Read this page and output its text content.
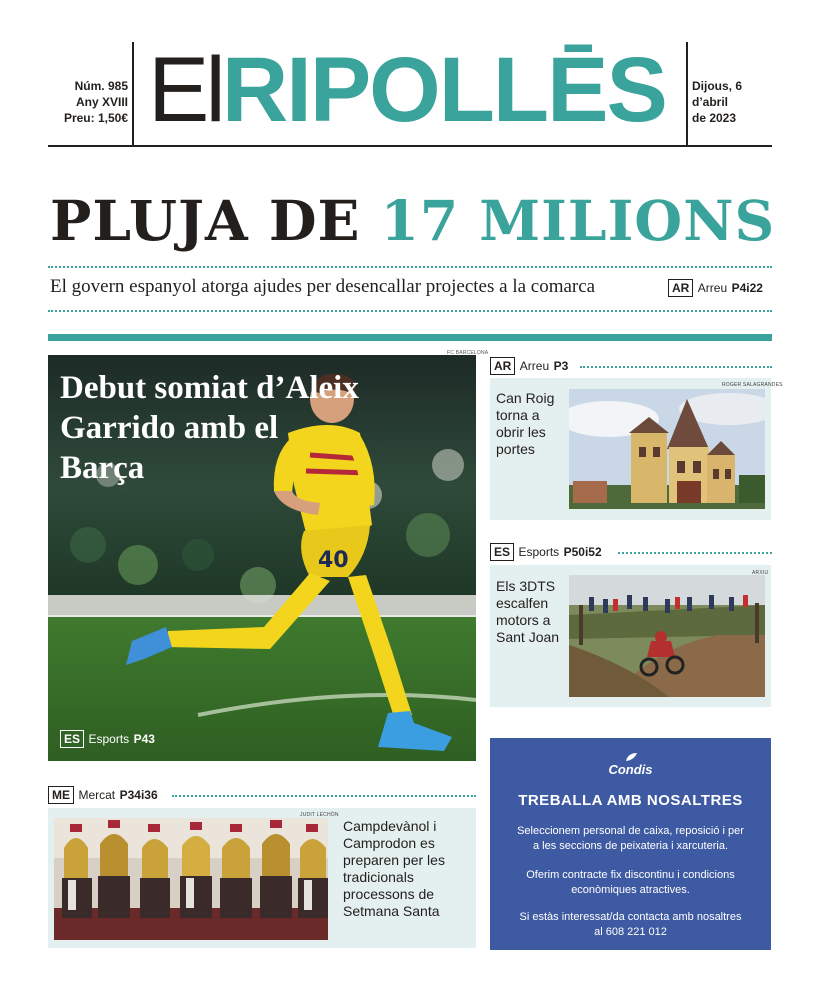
Núm. 985
Any XVIII
Preu: 1,50€ ElRIPOLLĒS	Dijous, 6
d’abril
de 2023
PLUJA DE 17 MILIONS
El govern espanyol atorga ajudes per desencallar projectes a la comarca	AR Arreu P4i22
40
FC BARCELONA
Debut somiat d’Aleix Garrido amb el Barça
ES Esports P43
AR Arreu P3
Can Roig torna a obrir les portes
ROGER SALAGRANDES
ES Esports P50i52
Els 3DTS escalfen motors a Sant Joan
ARXIU
ME Mercat P34i36
JUDIT LECHÓN
Campdevànol i Camprodon es preparen per les tradicionals processons de Setmana Santa
Condis
TREBALLA AMB NOSALTRES
Seleccionem personal de caixa, reposició i per a les seccions de peixateria i xarcuteria.
Oferim contracte fix discontinu i condicions econòmiques atractives.
Si estàs interessat/da contacta amb nosaltres al 608 221 012
